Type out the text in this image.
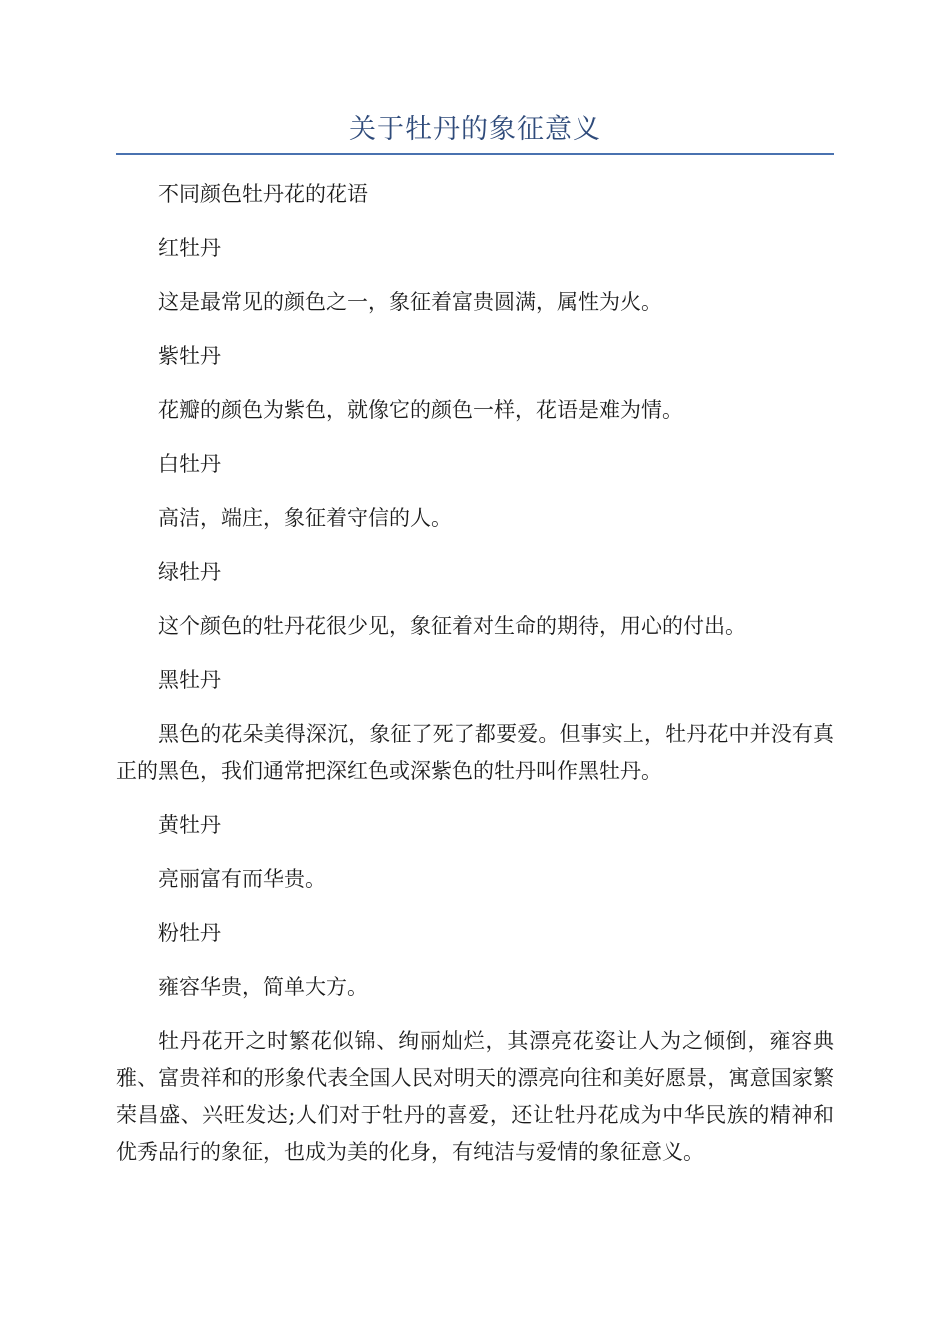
关于牡丹的象征意义

不同颜色牡丹花的花语

红牡丹

这是最常见的颜色之一，象征着富贵圆满，属性为火。

紫牡丹

花瓣的颜色为紫色，就像它的颜色一样，花语是难为情。

白牡丹

高洁，端庄，象征着守信的人。

绿牡丹

这个颜色的牡丹花很少见，象征着对生命的期待，用心的付出。

黑牡丹

黑色的花朵美得深沉，象征了死了都要爱。但事实上，牡丹花中并没有真正的黑色，我们通常把深红色或深紫色的牡丹叫作黑牡丹。

黄牡丹

亮丽富有而华贵。

粉牡丹

雍容华贵，简单大方。

牡丹花开之时繁花似锦、绚丽灿烂，其漂亮花姿让人为之倾倒，雍容典雅、富贵祥和的形象代表全国人民对明天的漂亮向往和美好愿景，寓意国家繁荣昌盛、兴旺发达;人们对于牡丹的喜爱，还让牡丹花成为中华民族的精神和优秀品行的象征，也成为美的化身，有纯洁与爱情的象征意义。
